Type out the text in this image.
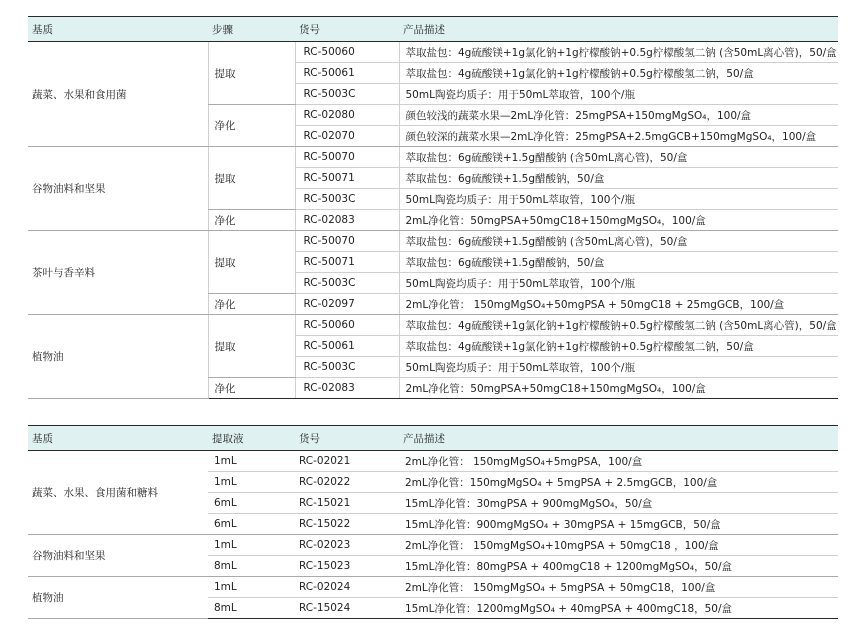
基质	步骤	货号	产品描述
蔬菜、水果和食用菌	提取	RC-50060	萃取盐包：4g硫酸镁+1g氯化钠+1g柠檬酸钠+0.5g柠檬酸氢二钠 (含50mL离心管)，50/盒
		RC-50061	萃取盐包：4g硫酸镁+1g氯化钠+1g柠檬酸钠+0.5g柠檬酸氢二钠，50/盒
		RC-5003C	50mL陶瓷均质子：用于50mL萃取管，100个/瓶
	净化	RC-02080	颜色较浅的蔬菜水果—2mL净化管：25mgPSA+150mgMgSO₄，100/盒
		RC-02070	颜色较深的蔬菜水果—2mL净化管：25mgPSA+2.5mgGCB+150mgMgSO₄，100/盒
谷物油料和坚果	提取	RC-50070	萃取盐包：6g硫酸镁+1.5g醋酸钠 (含50mL离心管)，50/盒
		RC-50071	萃取盐包：6g硫酸镁+1.5g醋酸钠，50/盒
		RC-5003C	50mL陶瓷均质子：用于50mL萃取管，100个/瓶
	净化	RC-02083	2mL净化管：50mgPSA+50mgC18+150mgMgSO₄，100/盒
茶叶与香辛料	提取	RC-50070	萃取盐包：6g硫酸镁+1.5g醋酸钠 (含50mL离心管)，50/盒
		RC-50071	萃取盐包：6g硫酸镁+1.5g醋酸钠，50/盒
		RC-5003C	50mL陶瓷均质子：用于50mL萃取管，100个/瓶
	净化	RC-02097	2mL净化管： 150mgMgSO₄+50mgPSA + 50mgC18 + 25mgGCB，100/盒
植物油	提取	RC-50060	萃取盐包：4g硫酸镁+1g氯化钠+1g柠檬酸钠+0.5g柠檬酸氢二钠 (含50mL离心管)，50/盒
		RC-50061	萃取盐包：4g硫酸镁+1g氯化钠+1g柠檬酸钠+0.5g柠檬酸氢二钠，50/盒
		RC-5003C	50mL陶瓷均质子：用于50mL萃取管，100个/瓶
	净化	RC-02083	2mL净化管：50mgPSA+50mgC18+150mgMgSO₄，100/盒
基质	提取液	货号	产品描述
蔬菜、水果、食用菌和糖料	1mL	RC-02021	2mL净化管： 150mgMgSO₄+5mgPSA，100/盒
	1mL	RC-02022	2mL净化管：150mgMgSO₄ + 5mgPSA + 2.5mgGCB，100/盒
	6mL	RC-15021	15mL净化管：30mgPSA + 900mgMgSO₄，50/盒
	6mL	RC-15022	15mL净化管：900mgMgSO₄ + 30mgPSA + 15mgGCB，50/盒
谷物油料和坚果	1mL	RC-02023	2mL净化管： 150mgMgSO₄+10mgPSA + 50mgC18 ，100/盒
	8mL	RC-15023	15mL净化管：80mgPSA + 400mgC18 + 1200mgMgSO₄，50/盒
植物油	1mL	RC-02024	2mL净化管： 150mgMgSO₄ + 5mgPSA + 50mgC18，100/盒
	8mL	RC-15024	15mL净化管：1200mgMgSO₄ + 40mgPSA + 400mgC18，50/盒
